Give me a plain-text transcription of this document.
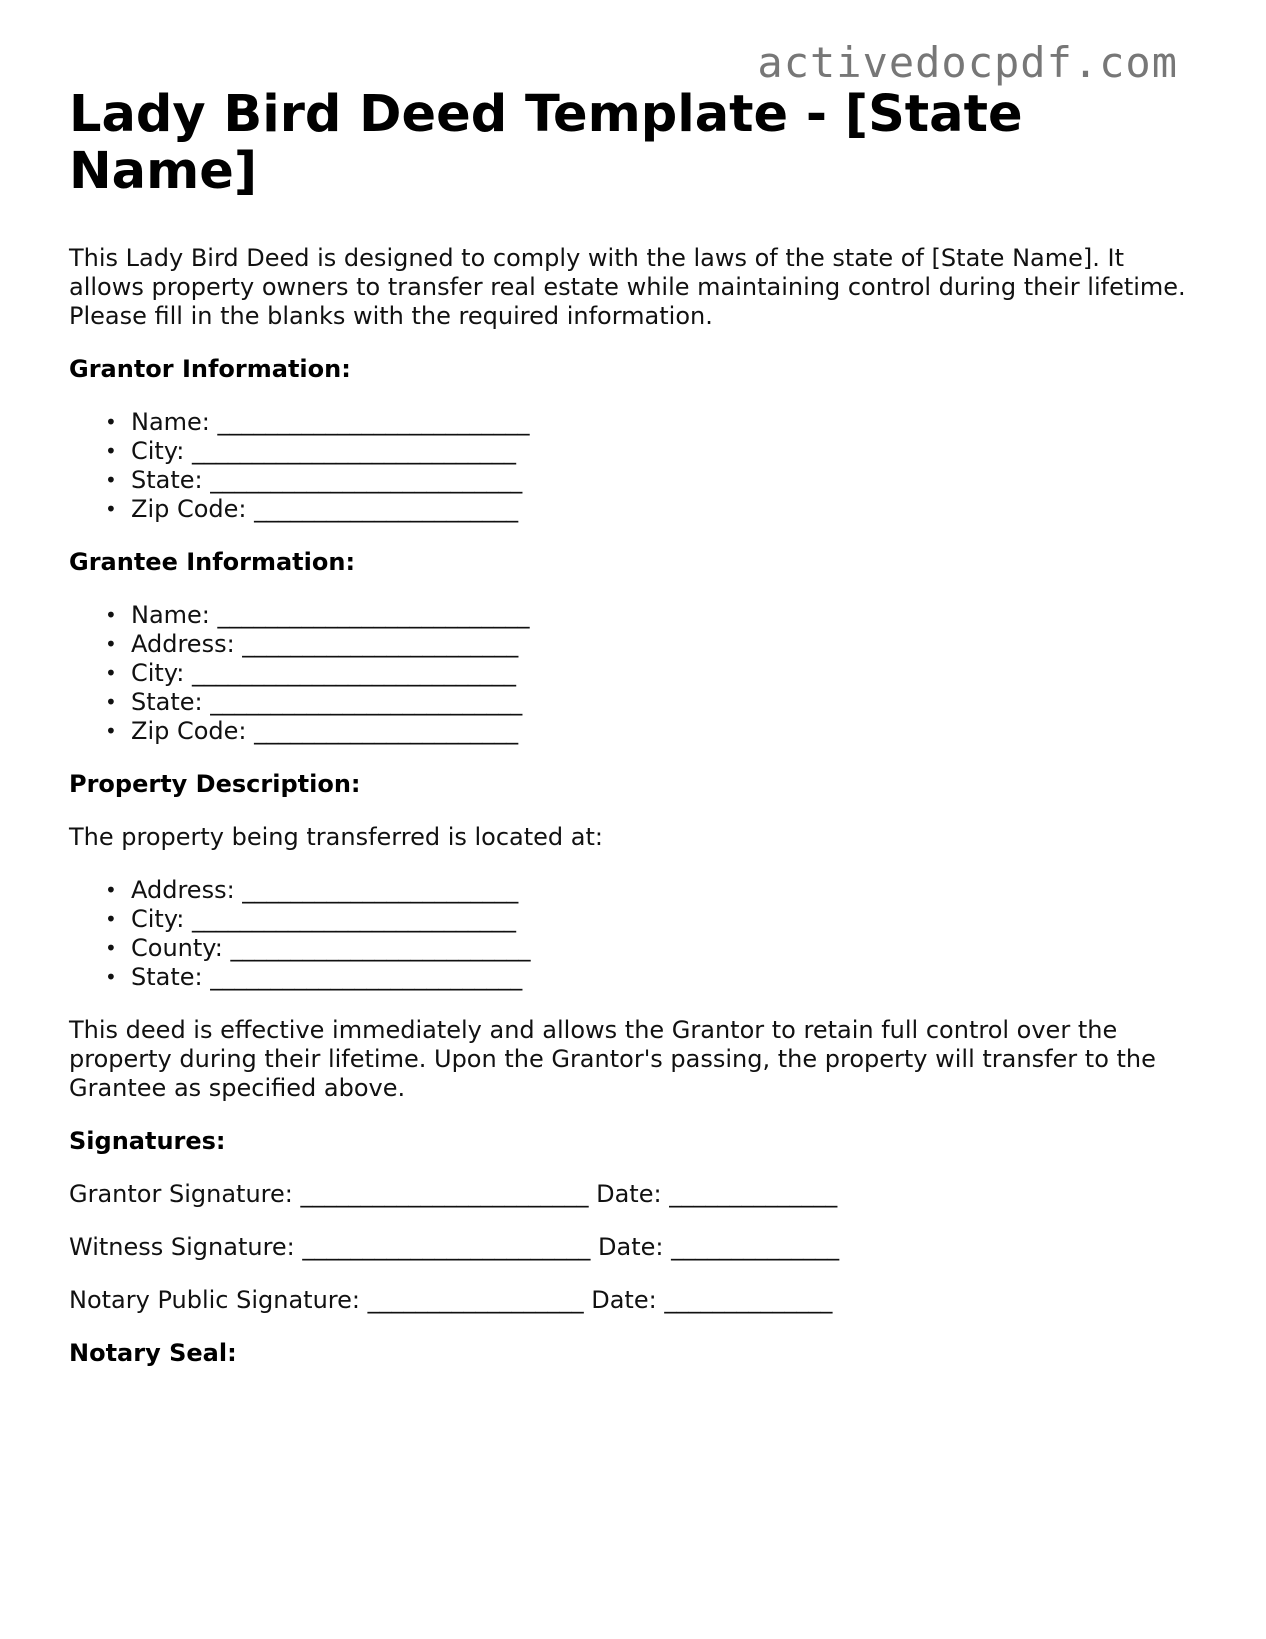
activedocpdf.com
Lady Bird Deed Template - [State Name]

This Lady Bird Deed is designed to comply with the laws of the state of [State Name]. It allows property owners to transfer real estate while maintaining control during their lifetime. Please fill in the blanks with the required information.

Grantor Information:
• Name: __________________________
• City: ___________________________
• State: __________________________
• Zip Code: ______________________
Grantee Information:
• Name: __________________________
• Address: _______________________
• City: ___________________________
• State: __________________________
• Zip Code: ______________________
Property Description:

The property being transferred is located at:

• Address: _______________________
• City: ___________________________
• County: _________________________
• State: __________________________

This deed is effective immediately and allows the Grantor to retain full control over the property during their lifetime. Upon the Grantor's passing, the property will transfer to the Grantee as specified above.

Signatures:
Grantor Signature: ________________________ Date: ______________
Witness Signature: ________________________ Date: ______________
Notary Public Signature: __________________ Date: ______________
Notary Seal:
